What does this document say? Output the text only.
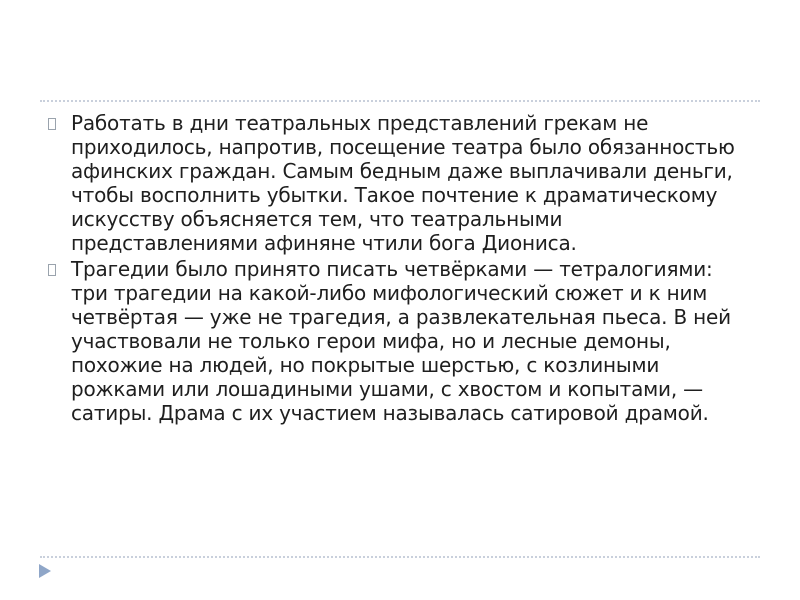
Работать в дни театральных представлений грекам не приходилось, напротив, посещение театра было обязанностью афинских граждан. Самым бедным даже выплачивали деньги, чтобы восполнить убытки. Такое почтение к драматическому искусству объясняется тем, что театральными представлениями афиняне чтили бога Диониса.
Трагедии было принято писать четвёрками — тетралогиями: три трагедии на какой-либо мифологический сюжет и к ним четвёртая — уже не трагедия, а развлекательная пьеса. В ней участвовали не только герои мифа, но и лесные демоны, похожие на людей, но покрытые шерстью, с козлиными рожками или лошадиными ушами, с хвостом и копытами, — сатиры. Драма с их участием называлась сатировой драмой.
